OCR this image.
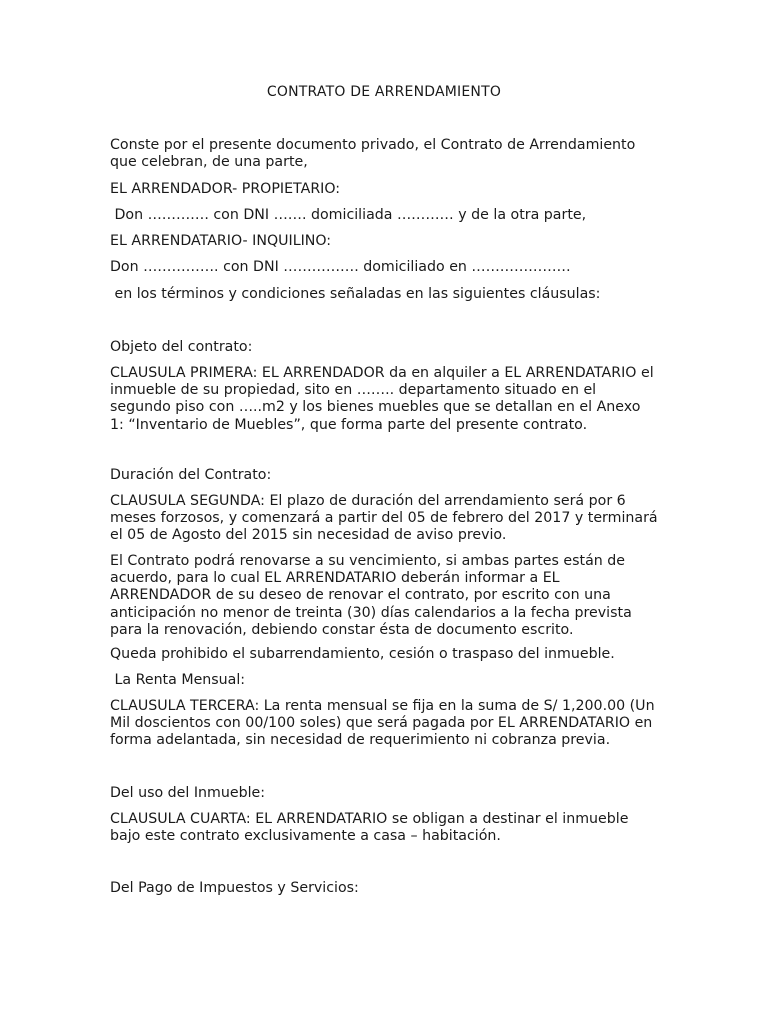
CONTRATO DE ARRENDAMIENTO

Conste por el presente documento privado, el Contrato de Arrendamiento
que celebran, de una parte,

EL ARRENDADOR- PROPIETARIO:

Don …………. con DNI ……. domiciliada ………… y de la otra parte,

EL ARRENDATARIO- INQUILINO:

Don ……………. con DNI ……………. domiciliado en …………………

en los términos y condiciones señaladas en las siguientes cláusulas:

Objeto del contrato:

CLAUSULA PRIMERA: EL ARRENDADOR da en alquiler a EL ARRENDATARIO el
inmueble de su propiedad, sito en …….. departamento situado en el
segundo piso con …..m2 y los bienes muebles que se detallan en el Anexo
1: “Inventario de Muebles”, que forma parte del presente contrato.

Duración del Contrato:

CLAUSULA SEGUNDA: El plazo de duración del arrendamiento será por 6
meses forzosos, y comenzará a partir del 05 de febrero del 2017 y terminará
el 05 de Agosto del 2015 sin necesidad de aviso previo.

El Contrato podrá renovarse a su vencimiento, si ambas partes están de
acuerdo, para lo cual EL ARRENDATARIO deberán informar a EL
ARRENDADOR de su deseo de renovar el contrato, por escrito con una
anticipación no menor de treinta (30) días calendarios a la fecha prevista
para la renovación, debiendo constar ésta de documento escrito.

Queda prohibido el subarrendamiento, cesión o traspaso del inmueble.

La Renta Mensual:

CLAUSULA TERCERA: La renta mensual se fija en la suma de S/ 1,200.00 (Un
Mil doscientos con 00/100 soles) que será pagada por EL ARRENDATARIO en
forma adelantada, sin necesidad de requerimiento ni cobranza previa.

Del uso del Inmueble:

CLAUSULA CUARTA: EL ARRENDATARIO se obligan a destinar el inmueble
bajo este contrato exclusivamente a casa – habitación.

Del Pago de Impuestos y Servicios:
